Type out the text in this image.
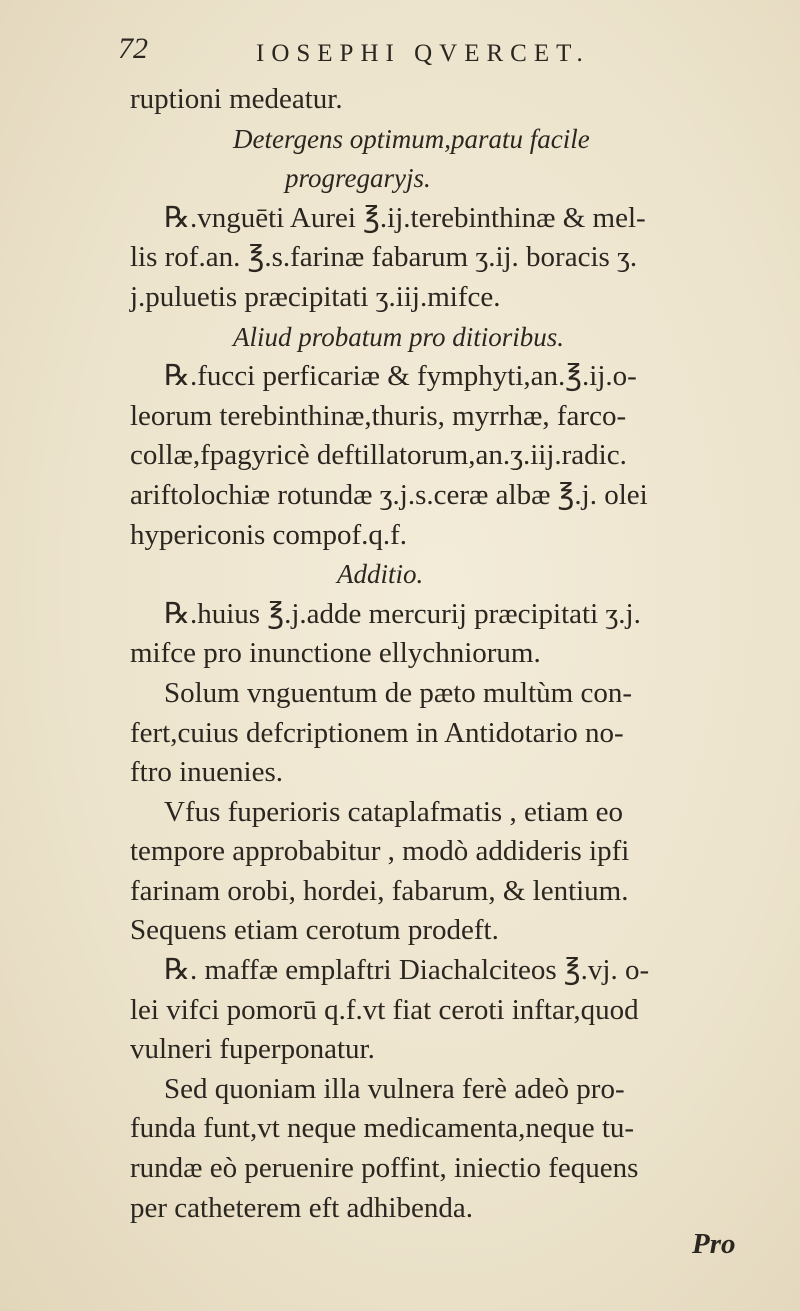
72	IOSEPHI QVERCET.
ruptioni medeatur.
Detergens optimum,paratu facile
progregaryjs.
℞.vnguēti Aurei ℥.ij.terebinthinæ & mel-
lis rof.an. ℥.s.farinæ fabarum ʒ.ij. boracis ʒ.
j.puluetis præcipitati ʒ.iij.mifce.
Aliud probatum pro ditioribus.
℞.fucci perficariæ & fymphyti,an.℥.ij.o-
leorum terebinthinæ,thuris, myrrhæ, farco-
collæ,fpagyricè deftillatorum,an.ʒ.iij.radic.
ariftolochiæ rotundæ ʒ.j.s.ceræ albæ ℥.j. olei
hypericonis compof.q.f.
Additio.
℞.huius ℥.j.adde mercurij præcipitati ʒ.j.
mifce pro inunctione ellychniorum.
Solum vnguentum de pæto multùm con-
fert,cuius defcriptionem in Antidotario no-
ftro inuenies.
Vfus fuperioris cataplafmatis , etiam eo
tempore approbabitur , modò addideris ipfi
farinam orobi, hordei, fabarum, & lentium.
Sequens etiam cerotum prodeft.
℞. maffæ emplaftri Diachalciteos ℥.vj. o-
lei vifci pomorū q.f.vt fiat ceroti inftar,quod
vulneri fuperponatur.
Sed quoniam illa vulnera ferè adeò pro-
funda funt,vt neque medicamenta,neque tu-
rundæ eò peruenire poffint, iniectio fequens
per catheterem eft adhibenda.
Pro
